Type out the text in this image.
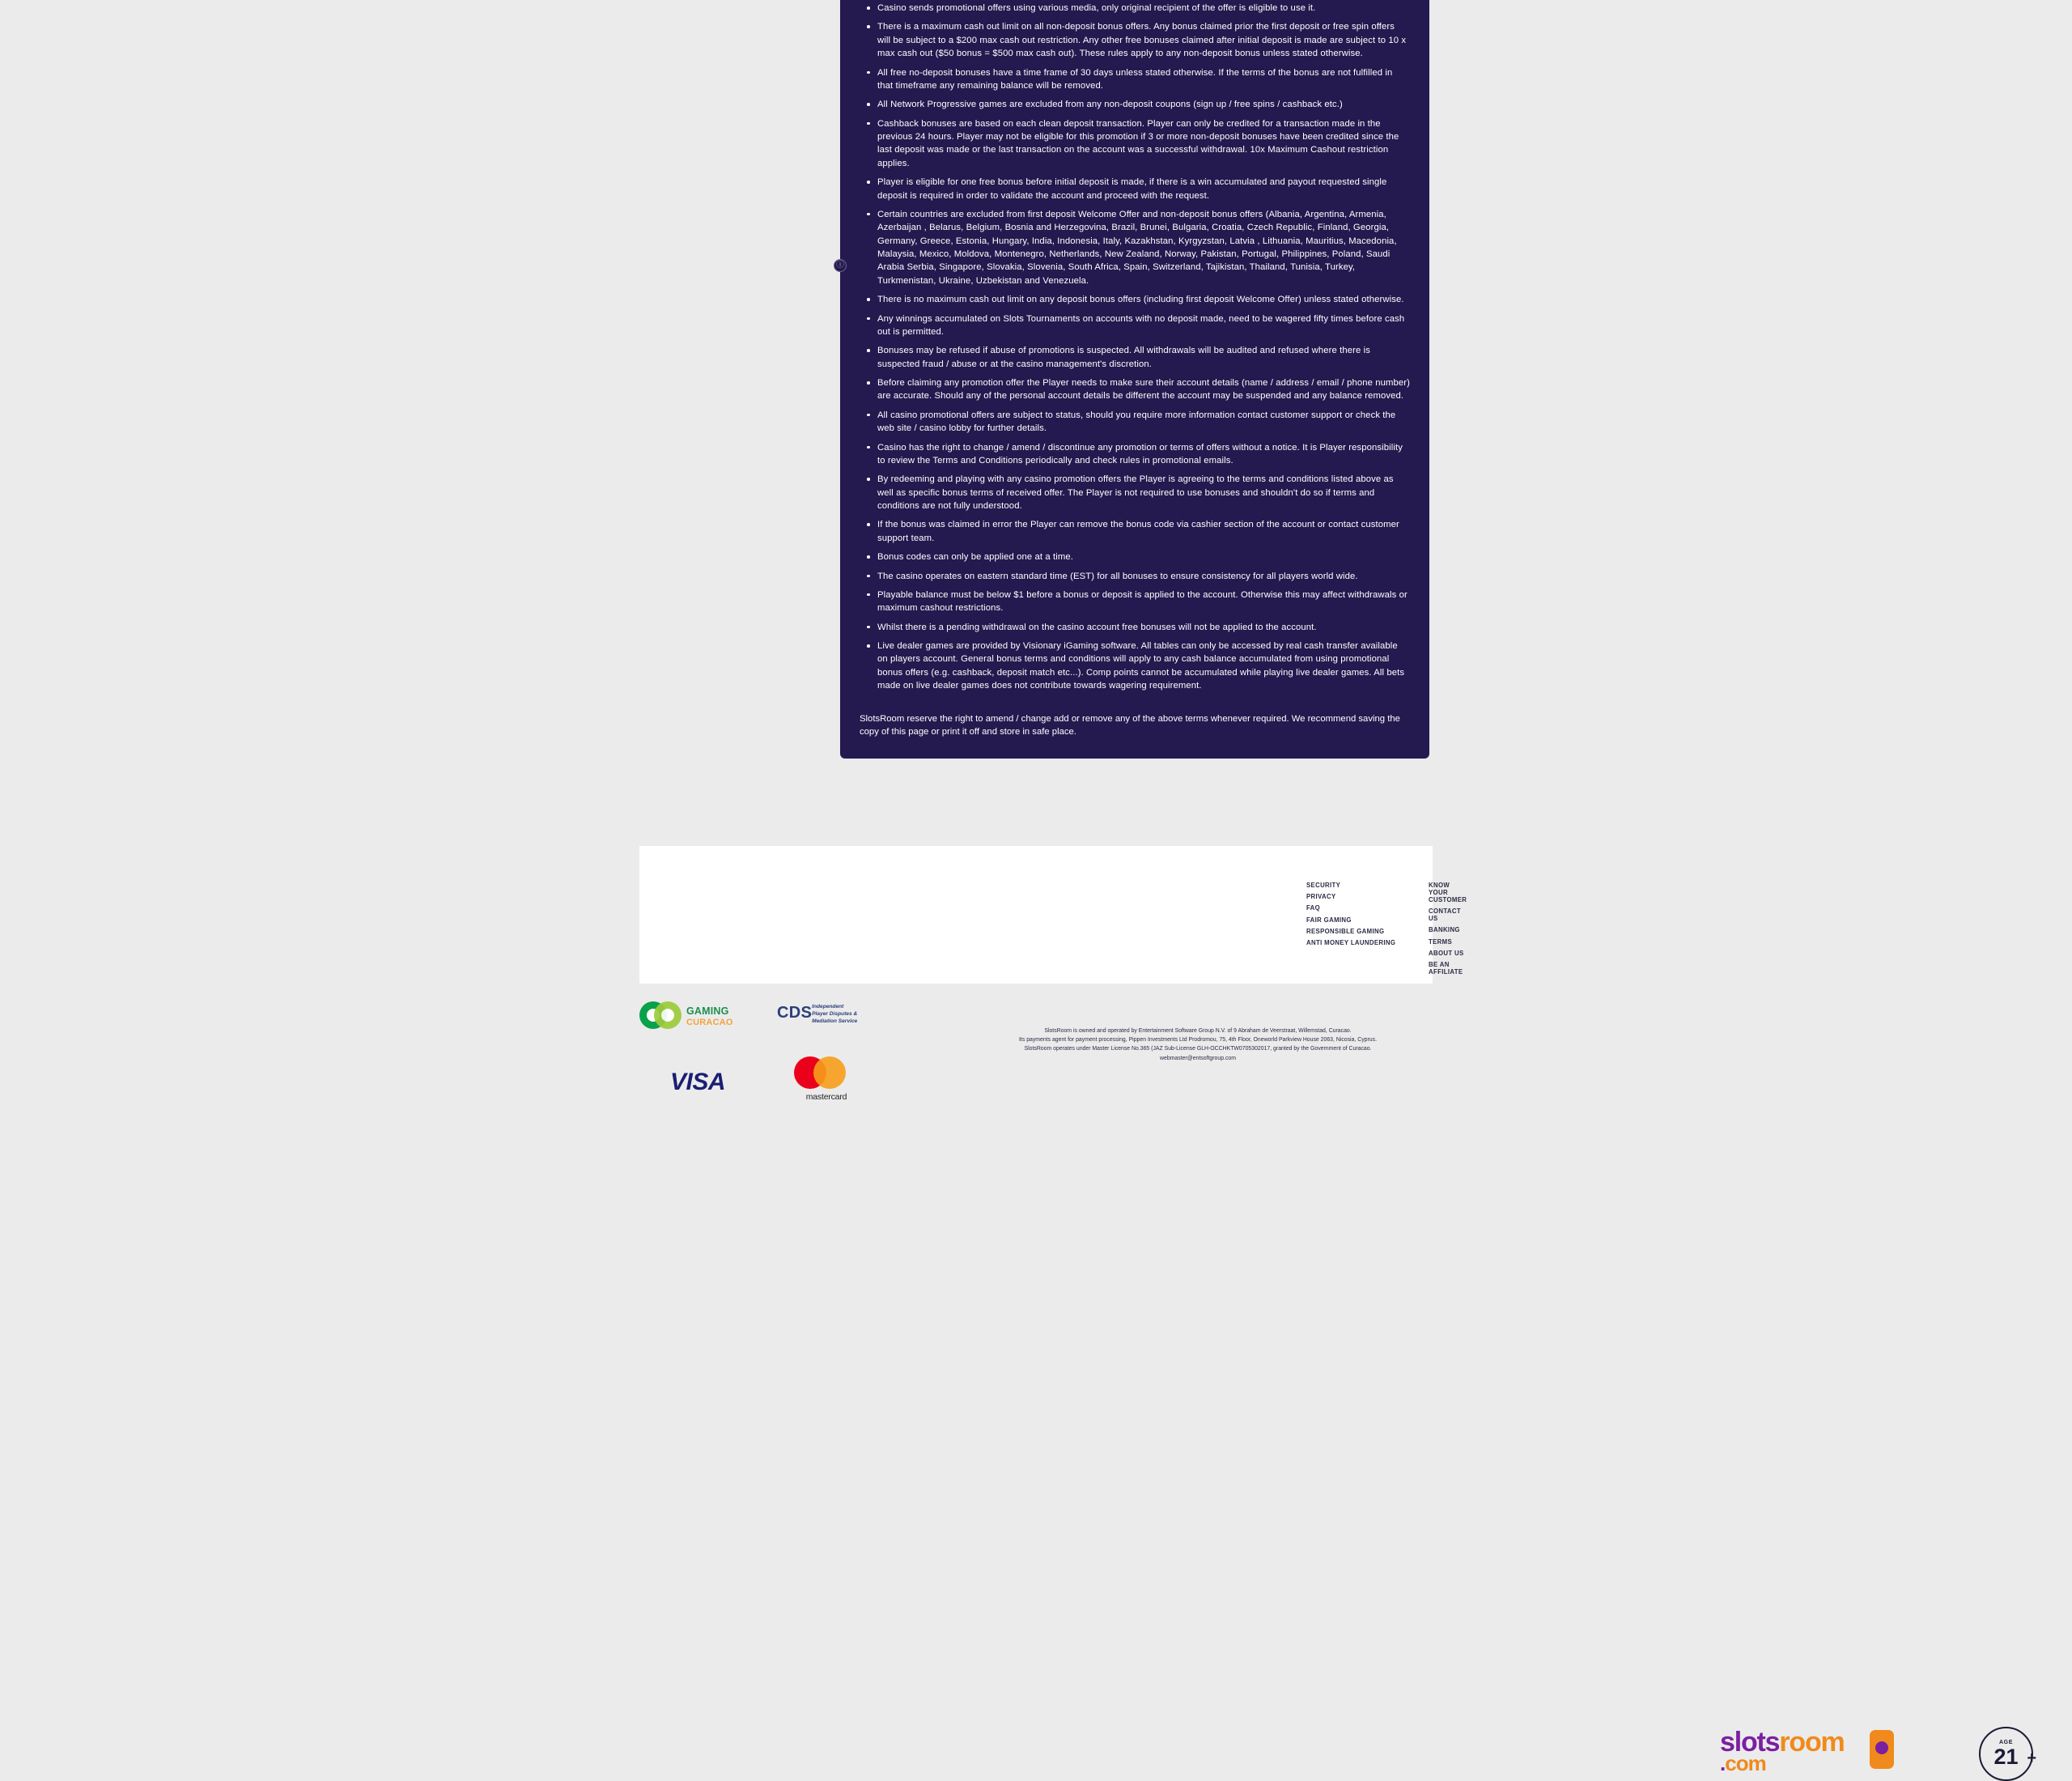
Casino sends promotional offers using various media, only original recipient of the offer is eligible to use it.
There is a maximum cash out limit on all non-deposit bonus offers. Any bonus claimed prior the first deposit or free spin offers will be subject to a $200 max cash out restriction. Any other free bonuses claimed after initial deposit is made are subject to 10 x max cash out ($50 bonus = $500 max cash out). These rules apply to any non-deposit bonus unless stated otherwise.
All free no-deposit bonuses have a time frame of 30 days unless stated otherwise. If the terms of the bonus are not fulfilled in that timeframe any remaining balance will be removed.
All Network Progressive games are excluded from any non-deposit coupons (sign up / free spins / cashback etc.)
Cashback bonuses are based on each clean deposit transaction. Player can only be credited for a transaction made in the previous 24 hours. Player may not be eligible for this promotion if 3 or more non-deposit bonuses have been credited since the last deposit was made or the last transaction on the account was a successful withdrawal. 10x Maximum Cashout restriction applies.
Player is eligible for one free bonus before initial deposit is made, if there is a win accumulated and payout requested single deposit is required in order to validate the account and proceed with the request.
Certain countries are excluded from first deposit Welcome Offer and non-deposit bonus offers (Albania, Argentina, Armenia, Azerbaijan , Belarus, Belgium, Bosnia and Herzegovina, Brazil, Brunei, Bulgaria, Croatia, Czech Republic, Finland, Georgia, Germany, Greece, Estonia, Hungary, India, Indonesia, Italy, Kazakhstan, Kyrgyzstan, Latvia , Lithuania, Mauritius, Macedonia, Malaysia, Mexico, Moldova, Montenegro, Netherlands, New Zealand, Norway, Pakistan, Portugal, Philippines, Poland, Saudi Arabia Serbia, Singapore, Slovakia, Slovenia, South Africa, Spain, Switzerland, Tajikistan, Thailand, Tunisia, Turkey, Turkmenistan, Ukraine, Uzbekistan and Venezuela.
There is no maximum cash out limit on any deposit bonus offers (including first deposit Welcome Offer) unless stated otherwise.
Any winnings accumulated on Slots Tournaments on accounts with no deposit made, need to be wagered fifty times before cash out is permitted.
Bonuses may be refused if abuse of promotions is suspected. All withdrawals will be audited and refused where there is suspected fraud / abuse or at the casino management's discretion.
Before claiming any promotion offer the Player needs to make sure their account details (name / address / email / phone number) are accurate. Should any of the personal account details be different the account may be suspended and any balance removed.
All casino promotional offers are subject to status, should you require more information contact customer support or check the web site / casino lobby for further details.
Casino has the right to change / amend / discontinue any promotion or terms of offers without a notice. It is Player responsibility to review the Terms and Conditions periodically and check rules in promotional emails.
By redeeming and playing with any casino promotion offers the Player is agreeing to the terms and conditions listed above as well as specific bonus terms of received offer. The Player is not required to use bonuses and shouldn't do so if terms and conditions are not fully understood.
If the bonus was claimed in error the Player can remove the bonus code via cashier section of the account or contact customer support team.
Bonus codes can only be applied one at a time.
The casino operates on eastern standard time (EST) for all bonuses to ensure consistency for all players world wide.
Playable balance must be below $1 before a bonus or deposit is applied to the account. Otherwise this may affect withdrawals or maximum cashout restrictions.
Whilst there is a pending withdrawal on the casino account free bonuses will not be applied to the account.
Live dealer games are provided by Visionary iGaming software. All tables can only be accessed by real cash transfer available on players account. General bonus terms and conditions will apply to any cash balance accumulated from using promotional bonus offers (e.g. cashback, deposit match etc...). Comp points cannot be accumulated while playing live dealer games. All bets made on live dealer games does not contribute towards wagering requirement.
SlotsRoom reserve the right to amend / change add or remove any of the above terms whenever required. We recommend saving the copy of this page or print it off and store in safe place.
ⓘ
SECURITY
PRIVACY
FAQ
FAIR GAMING
RESPONSIBLE GAMING
ANTI MONEY LAUNDERING
KNOW YOUR CUSTOMER
CONTACT US
BANKING
TERMS
ABOUT US
BE AN AFFILIATE
slotsroom
.com
AGE
21 +
GAMING
CURACAO
CDS Independent
Player Disputes &
Mediation Service
SlotsRoom is owned and operated by Entertainment Software Group N.V. of 9 Abraham de Veerstraat, Willemstad, Curacao.
Its payments agent for payment processing, Pippen Investments Ltd Prodromou, 75, 4th Floor, Oneworld Parkview House 2063, Nicosia, Cyprus.
SlotsRoom operates under Master License No.365 (JAZ Sub-License GLH-OCCHKTW0705302017, granted by the Government of Curacao.
webmaster@entsoftgroup.com
VISA
mastercard
